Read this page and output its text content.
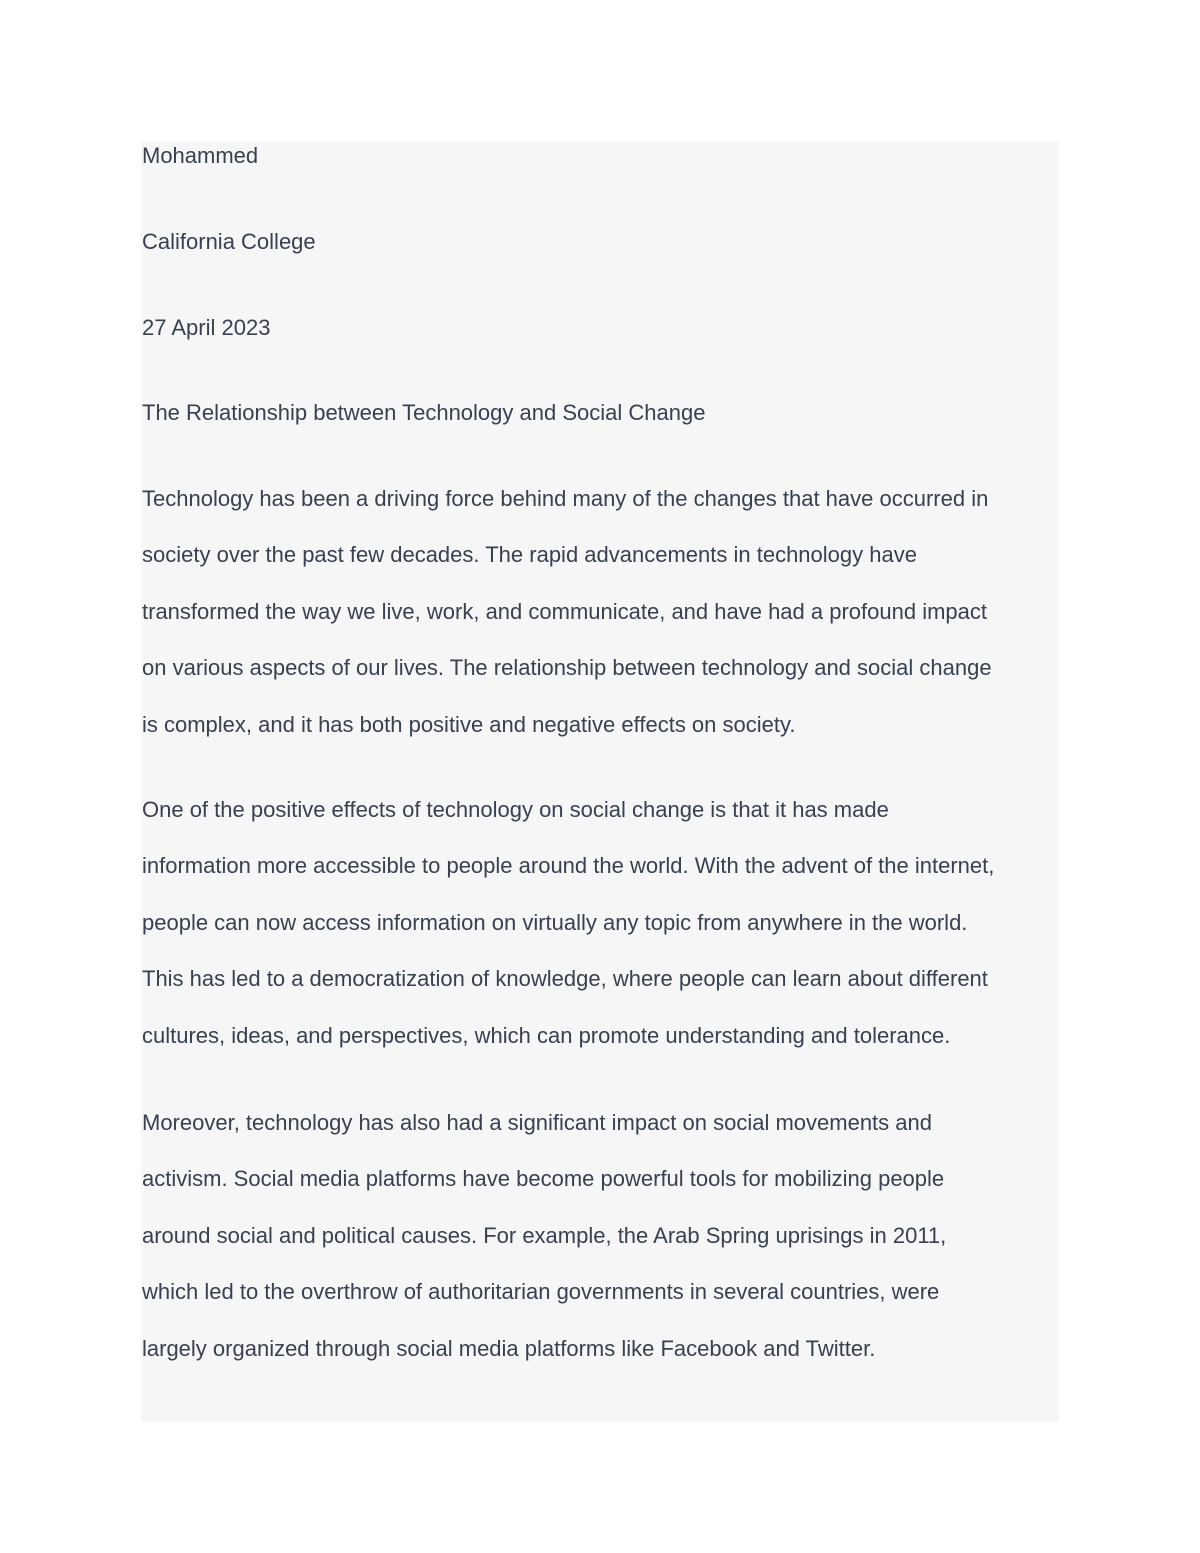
Mohammed

California College

27 April 2023

The Relationship between Technology and Social Change

Technology has been a driving force behind many of the changes that have occurred in
society over the past few decades. The rapid advancements in technology have
transformed the way we live, work, and communicate, and have had a profound impact
on various aspects of our lives. The relationship between technology and social change
is complex, and it has both positive and negative effects on society.
One of the positive effects of technology on social change is that it has made
information more accessible to people around the world. With the advent of the internet,
people can now access information on virtually any topic from anywhere in the world.
This has led to a democratization of knowledge, where people can learn about different
cultures, ideas, and perspectives, which can promote understanding and tolerance.
Moreover, technology has also had a significant impact on social movements and
activism. Social media platforms have become powerful tools for mobilizing people
around social and political causes. For example, the Arab Spring uprisings in 2011,
which led to the overthrow of authoritarian governments in several countries, were
largely organized through social media platforms like Facebook and Twitter.
